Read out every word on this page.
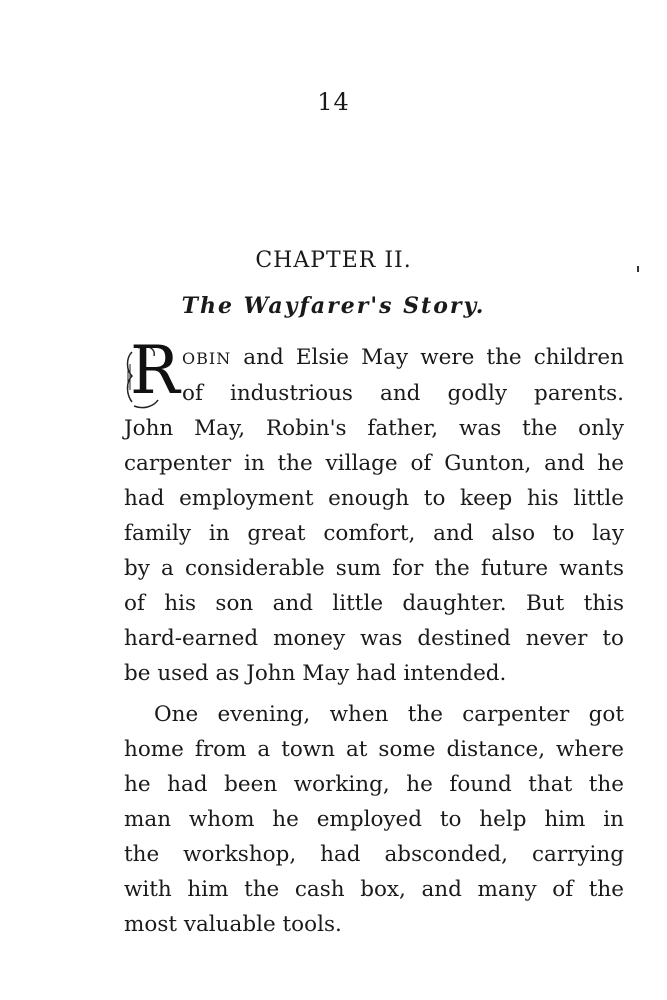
14
CHAPTER II.
The Wayfarer's Story.

R OBIN and Elsie May were the children
of industrious and godly parents.
John May, Robin's father, was the only
carpenter in the village of Gunton, and he
had employment enough to keep his little
family in great comfort, and also to lay
by a considerable sum for the future wants
of his son and little daughter. But this
hard-earned money was destined never to
be used as John May had intended.

One evening, when the carpenter got
home from a town at some distance, where
he had been working, he found that the
man whom he employed to help him in
the workshop, had absconded, carrying
with him the cash box, and many of the
most valuable tools.
